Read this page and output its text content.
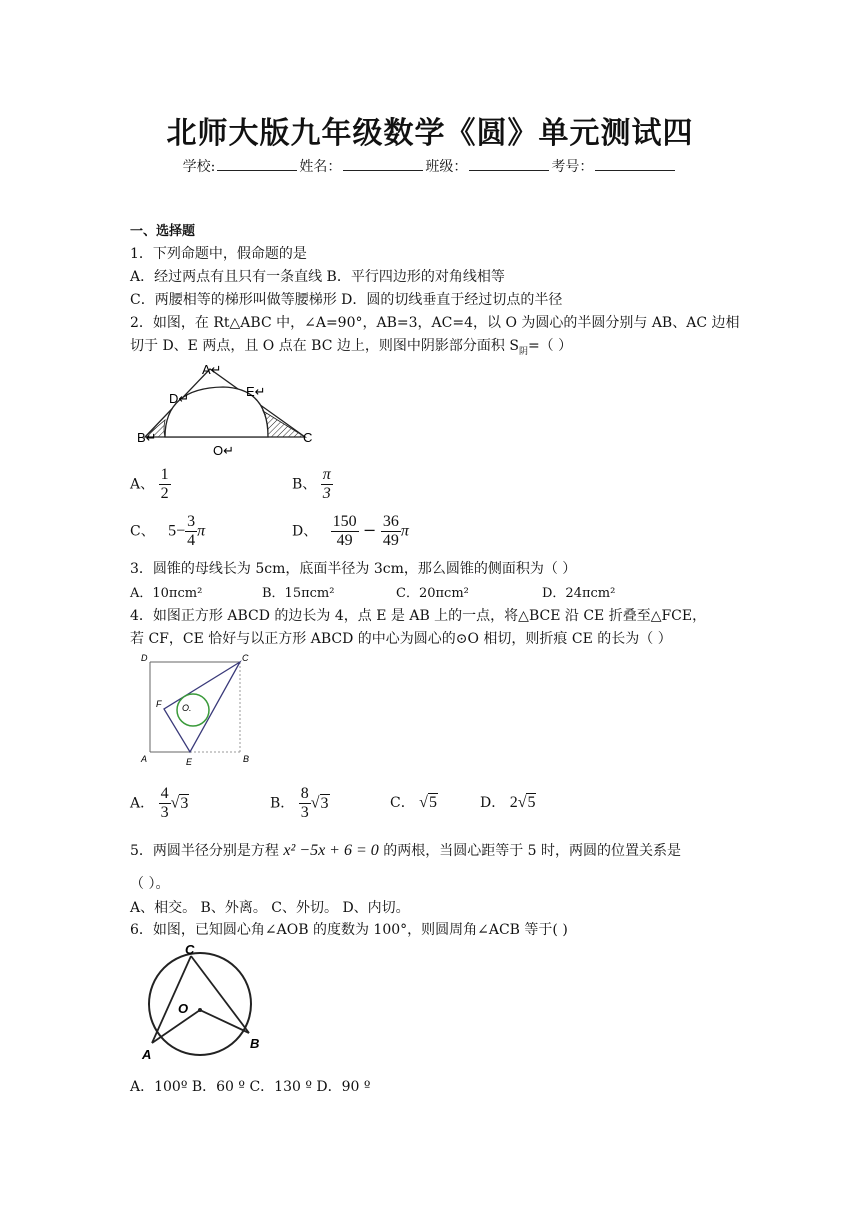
北师大版九年级数学《圆》单元测试四
学校:	姓名：	班级：	考号：
一、选择题
1．下列命题中，假命题的是
A．经过两点有且只有一条直线 B．平行四边形的对角线相等
C．两腰相等的梯形叫做等腰梯形 D．圆的切线垂直于经过切点的半径
2．如图，在 Rt△ABC 中，∠A=90°，AB=3，AC=4，以 O 为圆心的半圆分别与 AB、AC 边相
切于 D、E 两点，且 O 点在 BC 边上，则图中阴影部分面积 $S_阴=$（ ）
A↵
D↵	E↵
B↵	C
O↵
A、 $\frac{1}{2}$	B、 $\frac{\pi}{3}$
C、 $5- \frac{3}{4}$ π	D、 $\frac{150}{49} - \frac{36}{49}$ π
3．圆锥的母线长为 5cm，底面半径为 3cm，那么圆锥的侧面积为（ ）
A．10πcm²	B．15πcm²	C．20πcm²	D．24πcm²
4．如图正方形 ABCD 的边长为 4，点 E 是 AB 上的一点，将△BCE 沿 CE 折叠至△FCE，
若 CF，CE 恰好与以正方形 ABCD 的中心为圆心的⊙O 相切，则折痕 CE 的长为（ ）
D	C
F O.
A	E	B
A． $\frac{4}{3} √3$	B． $\frac{8}{3} √3$	C． √5	D． 2√5
5．两圆半径分别是方程 x² −5x + 6 = 0 的两根，当圆心距等于 5 时，两圆的位置关系是
（ ）。
A、相交。 B、外离。 C、外切。 D、内切。
6．如图，已知圆心角∠AOB 的度数为 100°，则圆周角∠ACB 等于( )
C
O
A
B
A．100º B．60 º C．130 º D．90 º
